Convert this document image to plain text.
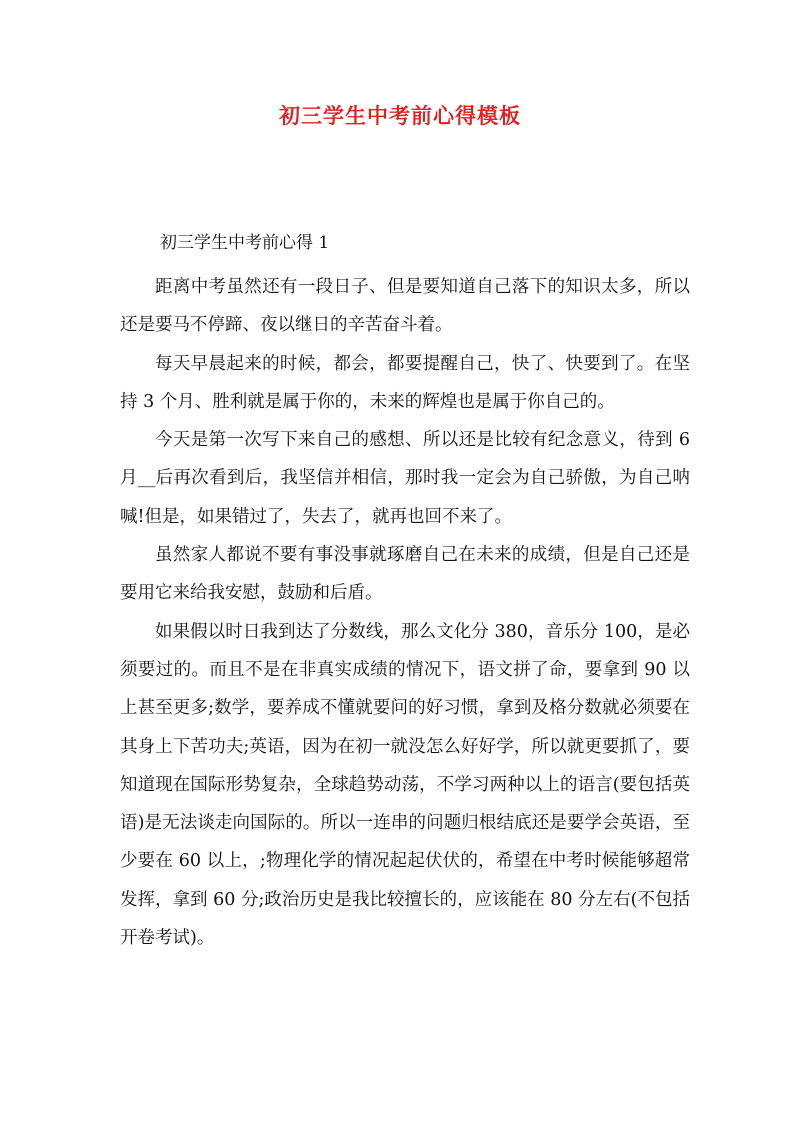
初三学生中考前心得模板
初三学生中考前心得 1

距离中考虽然还有一段日子、但是要知道自己落下的知识太多，所以还是要马不停蹄、夜以继日的辛苦奋斗着。

每天早晨起来的时候，都会，都要提醒自己，快了、快要到了。在坚持 3 个月、胜利就是属于你的，未来的辉煌也是属于你自己的。

今天是第一次写下来自己的感想、所以还是比较有纪念意义，待到 6 月__后再次看到后，我坚信并相信，那时我一定会为自己骄傲，为自己呐喊!但是，如果错过了，失去了，就再也回不来了。

虽然家人都说不要有事没事就琢磨自己在未来的成绩，但是自己还是要用它来给我安慰，鼓励和后盾。

如果假以时日我到达了分数线，那么文化分 380，音乐分 100，是必须要过的。而且不是在非真实成绩的情况下，语文拼了命，要拿到 90 以上甚至更多;数学，要养成不懂就要问的好习惯，拿到及格分数就必须要在其身上下苦功夫;英语，因为在初一就没怎么好好学，所以就更要抓了，要知道现在国际形势复杂，全球趋势动荡，不学习两种以上的语言(要包括英语)是无法谈走向国际的。所以一连串的问题归根结底还是要学会英语，至少要在 60 以上，;物理化学的情况起起伏伏的，希望在中考时候能够超常发挥，拿到 60 分;政治历史是我比较擅长的，应该能在 80 分左右(不包括开卷考试)。
